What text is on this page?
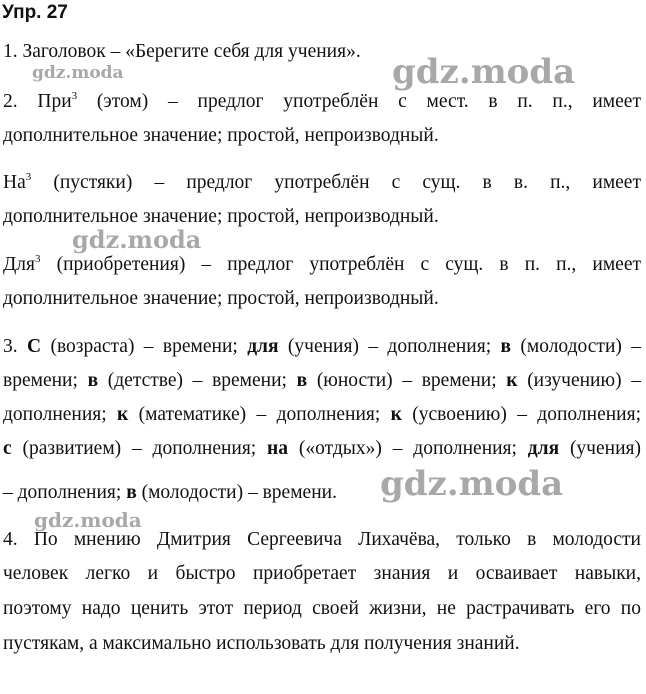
Упр. 27
1. Заголовок – «Берегите себя для учения».
2. При$^3$ (этом) – предлог употреблён с мест. в п. п., имеет
дополнительное значение; простой, непроизводный.
$На^3$ (пустяки) – предлог употреблён с сущ. в в. п., имеет
дополнительное значение; простой, непроизводный.
Для$^3$ (приобретения) – предлог употреблён с сущ. в п. п., имеет
дополнительное значение; простой, непроизводный.
3. С (возраста) – времени; для (учения) – дополнения; в (молодости) –
времени; в (детстве) – времени; в (юности) – времени; к (изучению) –
дополнения; к (математике) – дополнения; к (усвоению) – дополнения;
с (развитием) – дополнения; на («отдых») – дополнения; для (учения)
– дополнения; в (молодости) – времени.
4. По мнению Дмитрия Сергеевича Лихачёва, только в молодости
человек легко и быстро приобретает знания и осваивает навыки,
поэтому надо ценить этот период своей жизни, не растрачивать его по
пустякам, а максимально использовать для получения знаний.
gdz.moda	gdz.moda
gdz.moda
gdz.moda
gdz.moda
